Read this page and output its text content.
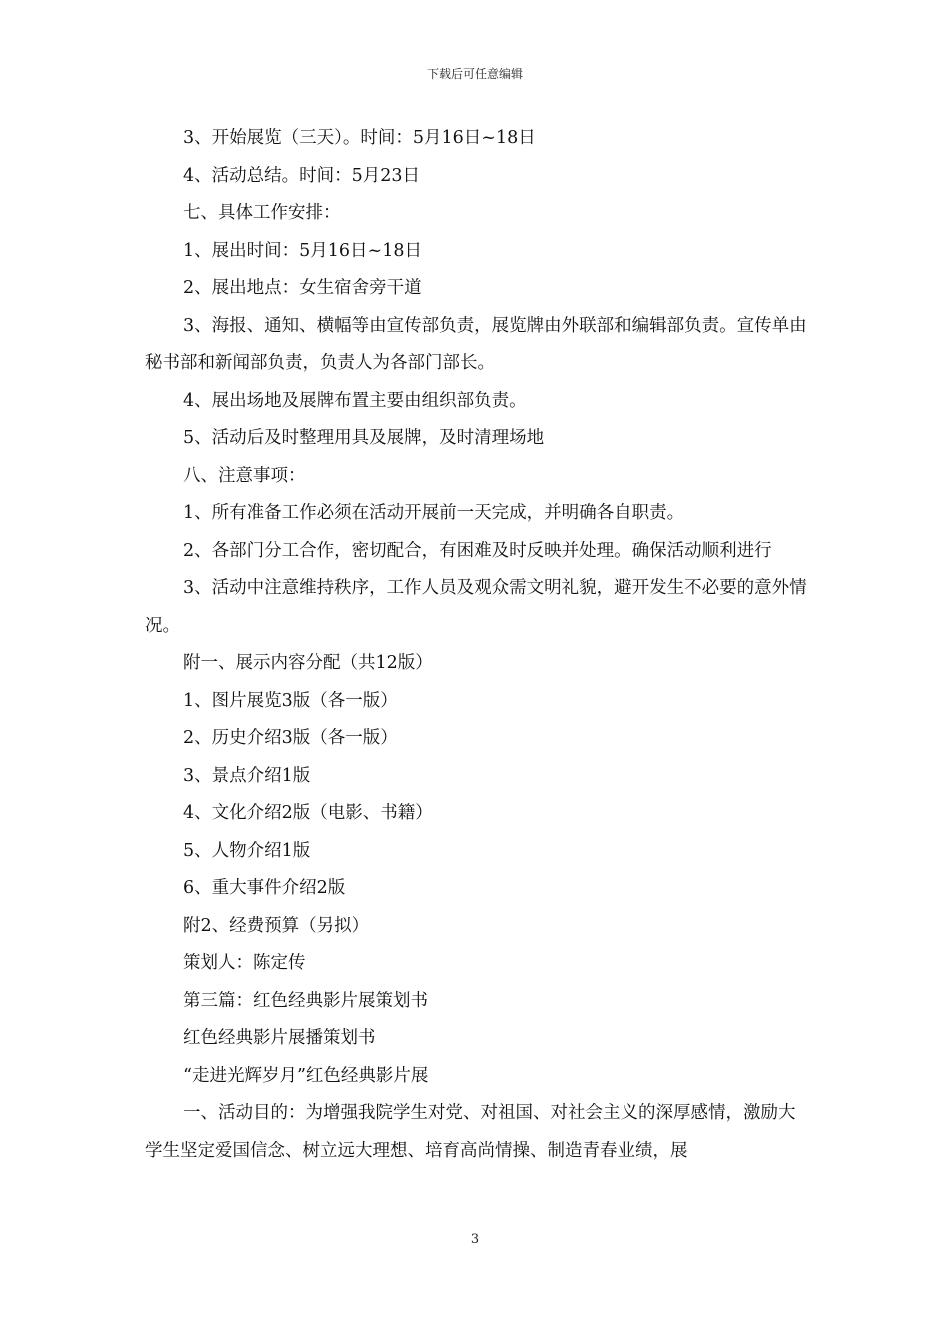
下载后可任意编辑

3、开始展览（三天）。时间：5月16日~18日

4、活动总结。时间：5月23日

七、具体工作安排：

1、展出时间：5月16日~18日

2、展出地点：女生宿舍旁干道

3、海报、通知、横幅等由宣传部负责，展览牌由外联部和编辑部负责。宣传单由秘书部和新闻部负责，负责人为各部门部长。

4、展出场地及展牌布置主要由组织部负责。

5、活动后及时整理用具及展牌，及时清理场地

八、注意事项：

1、所有准备工作必须在活动开展前一天完成，并明确各自职责。

2、各部门分工合作，密切配合，有困难及时反映并处理。确保活动顺利进行

3、活动中注意维持秩序，工作人员及观众需文明礼貌，避开发生不必要的意外情况。

附一、展示内容分配（共12版）

1、图片展览3版（各一版）

2、历史介绍3版（各一版）

3、景点介绍1版

4、文化介绍2版（电影、书籍）

5、人物介绍1版

6、重大事件介绍2版

附2、经费预算（另拟）

策划人：陈定传

第三篇：红色经典影片展策划书

红色经典影片展播策划书

“走进光辉岁月”红色经典影片展

一、活动目的：为增强我院学生对党、对祖国、对社会主义的深厚感情，激励大学生坚定爱国信念、树立远大理想、培育高尚情操、制造青春业绩，展

3
